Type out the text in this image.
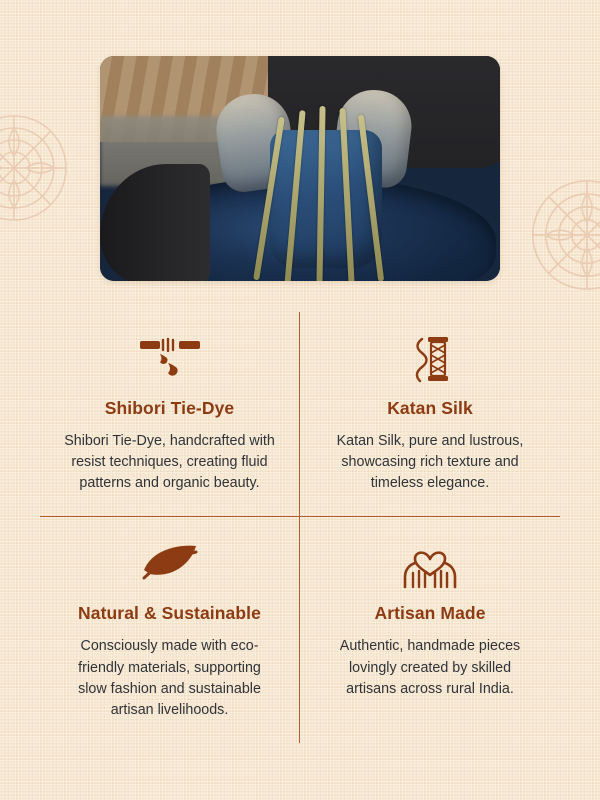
Shibori Tie-Dye

Shibori Tie-Dye, handcrafted with resist techniques, creating fluid patterns and organic beauty.

Katan Silk

Katan Silk, pure and lustrous, showcasing rich texture and timeless elegance.

Natural & Sustainable

Consciously made with eco-friendly materials, supporting slow fashion and sustainable artisan livelihoods.

Artisan Made

Authentic, handmade pieces lovingly created by skilled artisans across rural India.
